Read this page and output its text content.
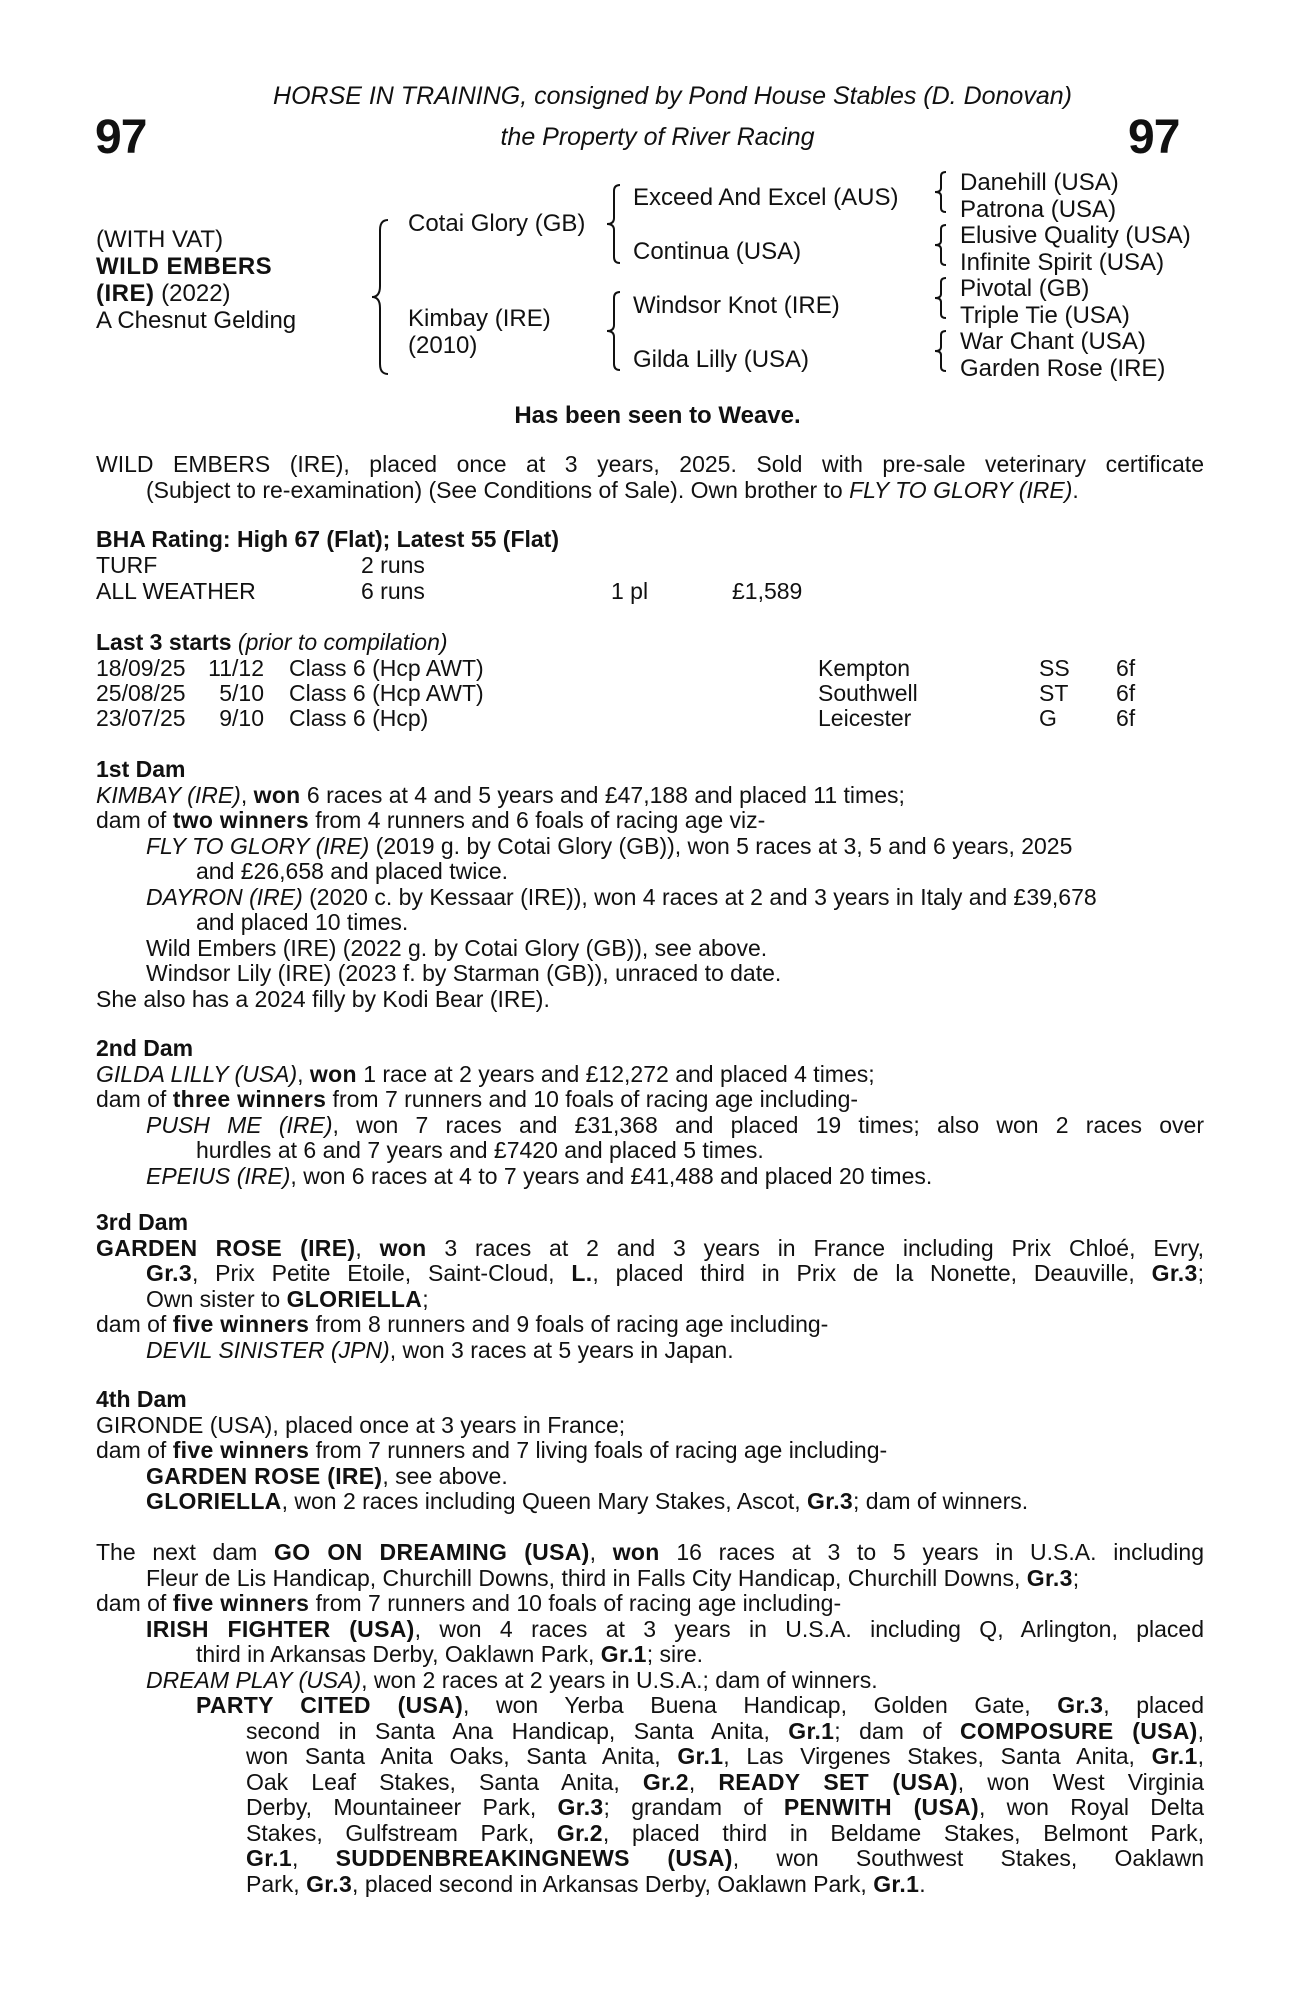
97	97
HORSE IN TRAINING, consigned by Pond House Stables (D. Donovan)
the Property of River Racing
(WITH VAT)
WILD EMBERS
(IRE) (2022)
A Chesnut Gelding
Cotai Glory (GB)
Kimbay (IRE)
(2010)
Exceed And Excel (AUS)
Continua (USA)
Windsor Knot (IRE)
Gilda Lilly (USA)
Danehill (USA)
Patrona (USA)
Elusive Quality (USA)
Infinite Spirit (USA)
Pivotal (GB)
Triple Tie (USA)
War Chant (USA)
Garden Rose (IRE)
Has been seen to Weave.
WILD EMBERS (IRE), placed once at 3 years, 2025. Sold with pre-sale veterinary certificate
(Subject to re-examination) (See Conditions of Sale). Own brother to FLY TO GLORY (IRE).
BHA Rating: High 67 (Flat); Latest 55 (Flat)
TURF	2 runs
ALL WEATHER	6 runs	1 pl	£1,589
Last 3 starts (prior to compilation)
18/09/25 11/12 Class 6 (Hcp AWT)	Kempton	SS 6f
25/08/25	5/10 Class 6 (Hcp AWT)	Southwell	ST 6f
23/07/25	9/10 Class 6 (Hcp)	Leicester	G	6f
1st Dam
KIMBAY (IRE), won 6 races at 4 and 5 years and £47,188 and placed 11 times;
dam of two winners from 4 runners and 6 foals of racing age viz-
FLY TO GLORY (IRE) (2019 g. by Cotai Glory (GB)), won 5 races at 3, 5 and 6 years, 2025
and £26,658 and placed twice.
DAYRON (IRE) (2020 c. by Kessaar (IRE)), won 4 races at 2 and 3 years in Italy and £39,678
and placed 10 times.
Wild Embers (IRE) (2022 g. by Cotai Glory (GB)), see above.
Windsor Lily (IRE) (2023 f. by Starman (GB)), unraced to date.
She also has a 2024 filly by Kodi Bear (IRE).
2nd Dam
GILDA LILLY (USA), won 1 race at 2 years and £12,272 and placed 4 times;
dam of three winners from 7 runners and 10 foals of racing age including-
PUSH ME (IRE), won 7 races and £31,368 and placed 19 times; also won 2 races over
hurdles at 6 and 7 years and £7420 and placed 5 times.
EPEIUS (IRE), won 6 races at 4 to 7 years and £41,488 and placed 20 times.
3rd Dam
GARDEN ROSE (IRE), won 3 races at 2 and 3 years in France including Prix Chloé, Evry,
Gr.3, Prix Petite Etoile, Saint-Cloud, L., placed third in Prix de la Nonette, Deauville, Gr.3;
Own sister to GLORIELLA;
dam of five winners from 8 runners and 9 foals of racing age including-
DEVIL SINISTER (JPN), won 3 races at 5 years in Japan.
4th Dam
GIRONDE (USA), placed once at 3 years in France;
dam of five winners from 7 runners and 7 living foals of racing age including-
GARDEN ROSE (IRE), see above.
GLORIELLA, won 2 races including Queen Mary Stakes, Ascot, Gr.3; dam of winners.
The next dam GO ON DREAMING (USA), won 16 races at 3 to 5 years in U.S.A. including
Fleur de Lis Handicap, Churchill Downs, third in Falls City Handicap, Churchill Downs, Gr.3;
dam of five winners from 7 runners and 10 foals of racing age including-
IRISH FIGHTER (USA), won 4 races at 3 years in U.S.A. including Q, Arlington, placed
third in Arkansas Derby, Oaklawn Park, Gr.1; sire.
DREAM PLAY (USA), won 2 races at 2 years in U.S.A.; dam of winners.
PARTY CITED (USA), won Yerba Buena Handicap, Golden Gate, Gr.3, placed
second in Santa Ana Handicap, Santa Anita, Gr.1; dam of COMPOSURE (USA),
won Santa Anita Oaks, Santa Anita, Gr.1, Las Virgenes Stakes, Santa Anita, Gr.1,
Oak Leaf Stakes, Santa Anita, Gr.2, READY SET (USA), won West Virginia
Derby, Mountaineer Park, Gr.3; grandam of PENWITH (USA), won Royal Delta
Stakes, Gulfstream Park, Gr.2, placed third in Beldame Stakes, Belmont Park,
Gr.1, SUDDENBREAKINGNEWS (USA), won Southwest Stakes, Oaklawn
Park, Gr.3, placed second in Arkansas Derby, Oaklawn Park, Gr.1.
